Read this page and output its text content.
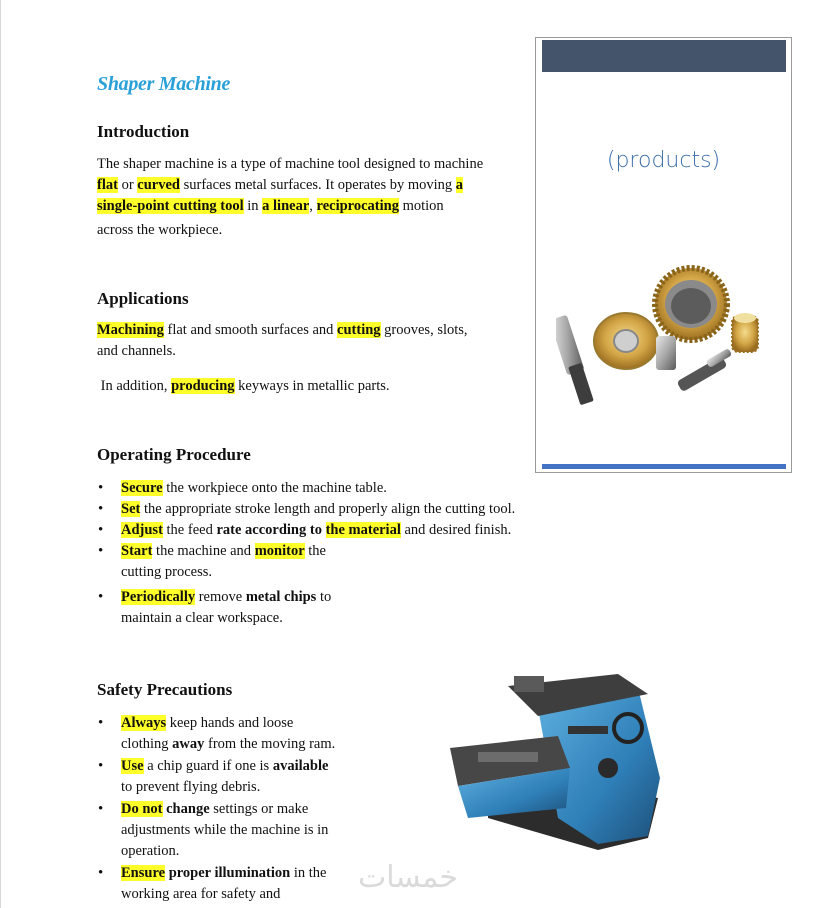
Shaper Machine
Introduction

The shaper machine is a type of machine tool designed to machine
flat or curved surfaces metal surfaces. It operates by moving a
single-point cutting tool in a linear, reciprocating motion
across the workpiece.

Applications

Machining flat and smooth surfaces and cutting grooves, slots,
and channels.

In addition, producing keyways in metallic parts.

Operating Procedure
• Secure the workpiece onto the machine table.
• Set the appropriate stroke length and properly align the cutting tool.
• Adjust the feed rate according to the material and desired finish.
• Start the machine and monitor the
cutting process.
• Periodically remove metal chips to
maintain a clear workspace.
Safety Precautions
• Always keep hands and loose
clothing away from the moving ram.
• Use a chip guard if one is available
to prevent flying debris.
• Do not change settings or make
adjustments while the machine is in
operation.
• Ensure proper illumination in the
working area for safety and
(products)
خمسات
